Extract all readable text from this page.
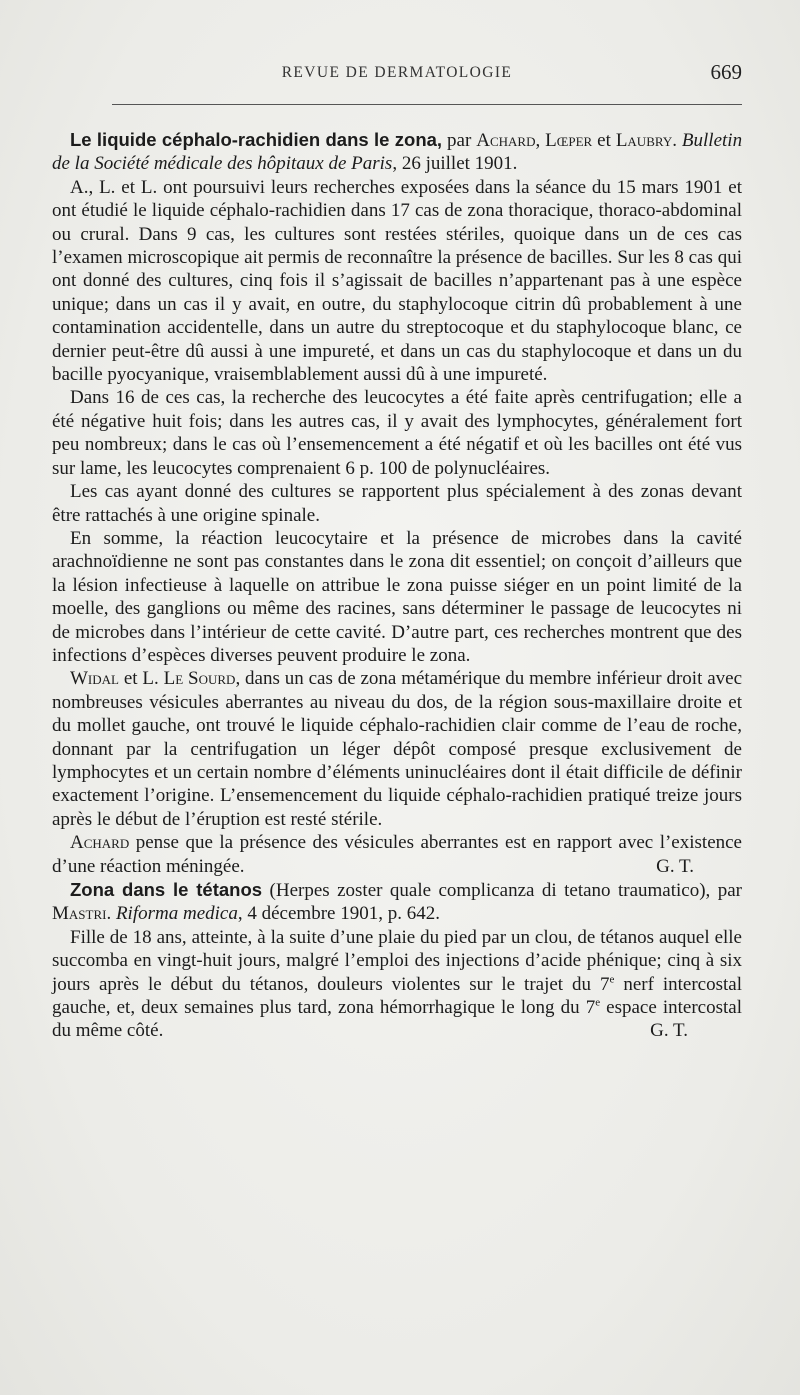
REVUE DE DERMATOLOGIE	669

Le liquide céphalo-rachidien dans le zona, par Achard, Lœper et Laubry. Bulletin de la Société médicale des hôpitaux de Paris, 26 juillet 1901.

A., L. et L. ont poursuivi leurs recherches exposées dans la séance du 15 mars 1901 et ont étudié le liquide céphalo-rachidien dans 17 cas de zona thoracique, thoraco-abdominal ou crural. Dans 9 cas, les cultures sont restées stériles, quoique dans un de ces cas l’examen microscopique ait permis de reconnaître la présence de bacilles. Sur les 8 cas qui ont donné des cultures, cinq fois il s’agissait de bacilles n’appartenant pas à une espèce unique; dans un cas il y avait, en outre, du staphylocoque citrin dû probablement à une contamination accidentelle, dans un autre du streptocoque et du staphylocoque blanc, ce dernier peut-être dû aussi à une impureté, et dans un cas du staphylocoque et dans un du bacille pyocyanique, vraisemblablement aussi dû à une impureté.

Dans 16 de ces cas, la recherche des leucocytes a été faite après centrifugation; elle a été négative huit fois; dans les autres cas, il y avait des lymphocytes, généralement fort peu nombreux; dans le cas où l’ensemencement a été négatif et où les bacilles ont été vus sur lame, les leucocytes comprenaient 6 p. 100 de polynucléaires.

Les cas ayant donné des cultures se rapportent plus spécialement à des zonas devant être rattachés à une origine spinale.

En somme, la réaction leucocytaire et la présence de microbes dans la cavité arachnoïdienne ne sont pas constantes dans le zona dit essentiel; on conçoit d’ailleurs que la lésion infectieuse à laquelle on attribue le zona puisse siéger en un point limité de la moelle, des ganglions ou même des racines, sans déterminer le passage de leucocytes ni de microbes dans l’intérieur de cette cavité. D’autre part, ces recherches montrent que des infections d’espèces diverses peuvent produire le zona.

Widal et L. Le Sourd, dans un cas de zona métamérique du membre inférieur droit avec nombreuses vésicules aberrantes au niveau du dos, de la région sous-maxillaire droite et du mollet gauche, ont trouvé le liquide céphalo-rachidien clair comme de l’eau de roche, donnant par la centrifugation un léger dépôt composé presque exclusivement de lymphocytes et un certain nombre d’éléments uninucléaires dont il était difficile de définir exactement l’origine. L’ensemencement du liquide céphalo-rachidien pratiqué treize jours après le début de l’éruption est resté stérile.

Achard pense que la présence des vésicules aberrantes est en rapport avec l’existence d’une réaction méningée.	G. T.

Zona dans le tétanos (Herpes zoster quale complicanza di tetano traumatico), par Mastri. Riforma medica, 4 décembre 1901, p. 642.

Fille de 18 ans, atteinte, à la suite d’une plaie du pied par un clou, de tétanos auquel elle succomba en vingt-huit jours, malgré l’emploi des injections d’acide phénique; cinq à six jours après le début du tétanos, douleurs violentes sur le trajet du 7e nerf intercostal gauche, et, deux semaines plus tard, zona hémorrhagique le long du 7e espace intercostal du même côté.	G. T.
